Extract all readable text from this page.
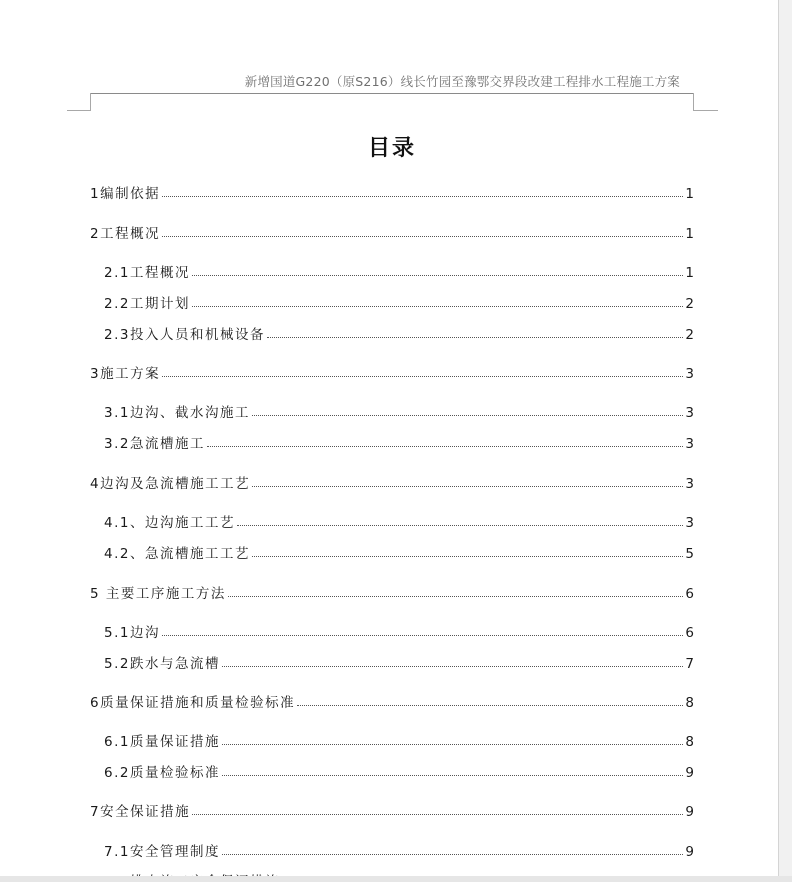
新增国道G220（原S216）线长竹园至豫鄂交界段改建工程排水工程施工方案
目录
1编制依据	1
2工程概况	1
2.1工程概况	1
2.2工期计划	2
2.3投入人员和机械设备	2
3施工方案	3
3.1边沟、截水沟施工	3
3.2急流槽施工	3
4边沟及急流槽施工工艺	3
4.1、边沟施工工艺	3
4.2、急流槽施工工艺	5
5 主要工序施工方法	6
5.1边沟	6
5.2跌水与急流槽	7
6质量保证措施和质量检验标准	8
6.1质量保证措施	8
6.2质量检验标准	9
7安全保证措施	9
7.1安全管理制度	9
